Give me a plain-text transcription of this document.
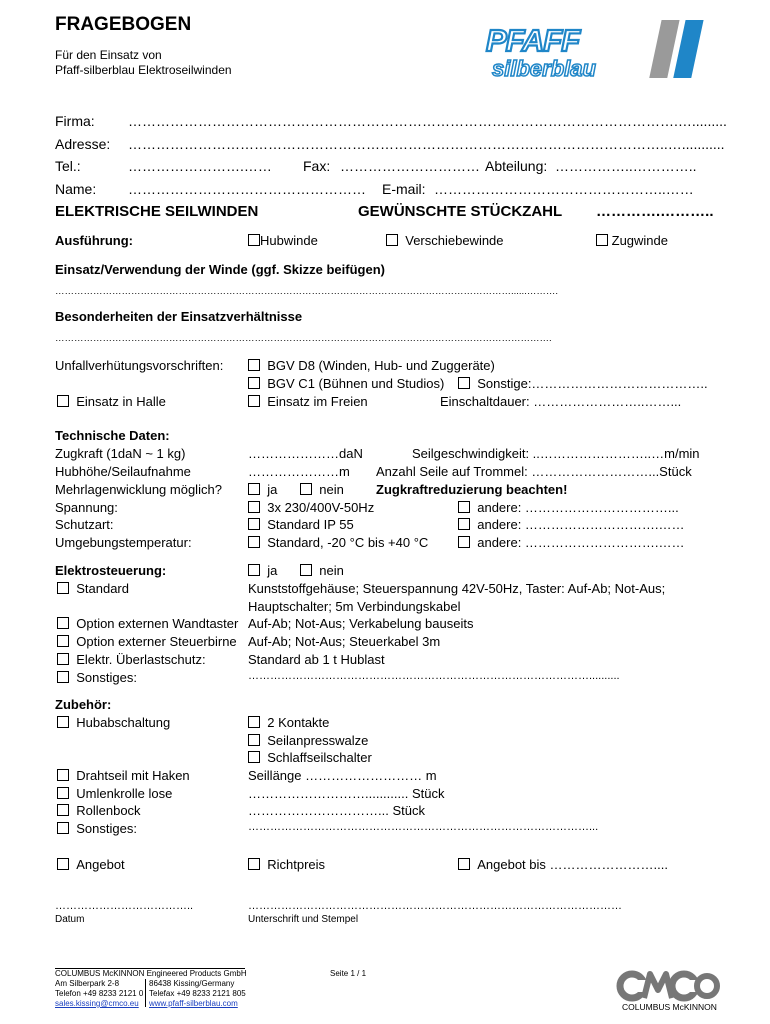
FRAGEBOGEN
Für den Einsatz von
Pfaff-silberblau Elektroseilwinden
PFAFF
silberblau
Firma: ……………………………………………………………………………………………………….….........
Adresse: ……………………………………………………………………………………………………..…...........
Tel.:	…………………….…… Fax: ………………………… Abteilung: ……………..…………..
Name: …………………………………………… E-mail: …………………………………………..……
ELEKTRISCHE SEILWINDEN	GEWÜNSCHTE STÜCKZAHL ………….………..
Ausführung:	Hubwinde	Verschiebewinde	Zugwinde
Einsatz/Verwendung der Winde (ggf. Skizze beifügen)
………………………………………………………………………………………………………………………………......……….
Besonderheiten der Einsatzverhältnisse
………………………………………………………………………………………………………………………………………….
Unfallverhütungsvorschriften:	BGV D8 (Winden, Hub- und Zuggeräte)
BGV C1 (Bühnen und Studios)	Sonstige:…………………………………..
Einsatz in Halle	Einsatz im Freien	Einschaltdauer: ……………………..……...
Technische Daten:
Zugkraft (1daN ~ 1 kg)	…………………daN	Seilgeschwindigkeit: ..……………………..…m/min
Hubhöhe/Seilaufnahme	…………………m Anzahl Seile auf Trommel: ………………………...Stück
Mehrlagenwicklung möglich?	ja	nein Zugkraftreduzierung beachten!
Spannung:	3x 230/400V-50Hz	andere: ……………………………...
Schutzart:	Standard IP 55	andere: ………………………….……
Umgebungstemperatur:	Standard, -20 °C bis +40 °C	andere: ………………………….……
Elektrosteuerung:	ja	nein
Standard	Kunststoffgehäuse; Steuerspannung 42V-50Hz, Taster: Auf-Ab; Not-Aus;
Hauptschalter; 5m Verbindungskabel
Option externen Wandtaster Auf-Ab; Not-Aus; Verkabelung bauseits
Option externer Steuerbirne Auf-Ab; Not-Aus; Steuerkabel 3m
Elektr. Überlastschutz:	Standard ab 1 t Hublast
Sonstiges:	…………………………………………………………………………………..........
Zubehör:
Hubabschaltung	2 Kontakte
Seilanpresswalze
Schlaffseilschalter
Drahtseil mit Haken	Seillänge ……………………… m
Umlenkrolle lose	………………………............ Stück
Rollenbock	…………………………... Stück
Sonstiges:	…………………………………………………………………………………...
Angebot	Richtpreis	Angebot bis ……………………....
………………………………..
Datum
…………………………………………………………………………………………
Unterschrift und Stempel
COLUMBUS McKINNON Engineered Products GmbH
Am Silberpark 2-8	86438 Kissing/Germany
Telefon +49 8233 2121 0 Telefax +49 8233 2121 805
sales.kissing@cmco.eu www.pfaff-silberblau.com
Seite 1 / 1
COLUMBUS McKINNON
